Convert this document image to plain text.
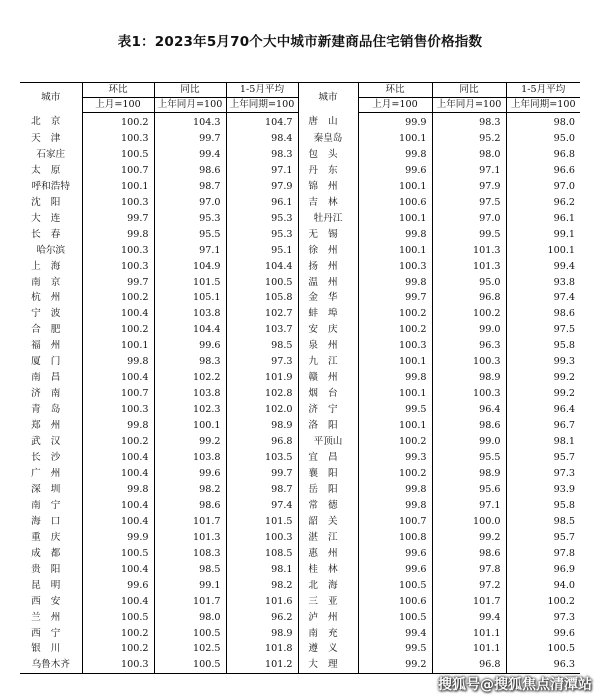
表1：2023年5月70个大中城市新建商品住宅销售价格指数
城市	环比	同比	1-5月平均	城市	环比	同比	1-5月平均
	上月=100	上年同月=100	上年同期=100		上月=100	上年同月=100	上年同期=100
北京	100.2	104.3	104.7	唐山	99.9	98.3	98.0
天津	100.3	99.7	98.4	秦皇岛	100.1	95.2	95.0
石家庄	100.5	99.4	98.3	包头	99.8	98.0	96.8
太原	100.7	98.6	97.1	丹东	99.6	97.1	96.6
呼和浩特	100.1	98.7	97.9	锦州	100.1	97.9	97.0
沈阳	100.3	97.0	96.1	吉林	100.6	97.5	96.2
大连	99.7	95.3	95.3	牡丹江	100.1	97.0	96.1
长春	99.8	95.5	95.3	无锡	99.8	99.5	99.1
哈尔滨	100.3	97.1	95.1	徐州	100.1	101.3	100.1
上海	100.3	104.9	104.4	扬州	100.3	101.3	99.4
南京	99.7	101.5	100.5	温州	99.8	95.0	93.8
杭州	100.2	105.1	105.8	金华	99.7	96.8	97.4
宁波	100.4	103.8	102.7	蚌埠	100.2	100.2	98.6
合肥	100.2	104.4	103.7	安庆	100.2	99.0	97.5
福州	100.1	99.6	98.5	泉州	100.3	96.3	95.8
厦门	99.8	98.3	97.3	九江	100.1	100.3	99.3
南昌	100.4	102.2	101.9	赣州	99.8	98.9	99.2
济南	100.7	103.8	102.8	烟台	100.1	100.3	99.2
青岛	100.3	102.3	102.0	济宁	99.5	96.4	96.4
郑州	99.8	100.1	98.9	洛阳	100.1	98.6	96.7
武汉	100.2	99.2	96.8	平顶山	100.2	99.0	98.1
长沙	100.4	103.8	103.5	宜昌	99.3	95.5	95.7
广州	100.4	99.6	99.7	襄阳	100.2	98.9	97.3
深圳	99.8	98.2	98.7	岳阳	99.8	95.6	93.9
南宁	100.4	98.6	97.4	常德	99.8	97.1	95.8
海口	100.4	101.7	101.5	韶关	100.7	100.0	98.5
重庆	99.9	101.3	100.3	湛江	100.8	99.2	95.7
成都	100.5	108.3	108.5	惠州	99.6	98.6	97.8
贵阳	100.4	98.5	98.1	桂林	99.6	97.8	96.9
昆明	99.6	99.1	98.2	北海	100.5	97.2	94.0
西安	100.4	101.7	101.6	三亚	100.6	101.7	100.2
兰州	100.5	98.0	96.2	泸州	100.5	99.4	97.3
西宁	100.2	100.5	98.9	南充	99.4	101.1	99.6
银川	100.2	102.5	101.8	遵义	99.5	101.1	100.5
乌鲁木齐	100.3	100.5	101.2	大理	99.2	96.8	96.3
搜狐号@搜狐焦点清潭站
